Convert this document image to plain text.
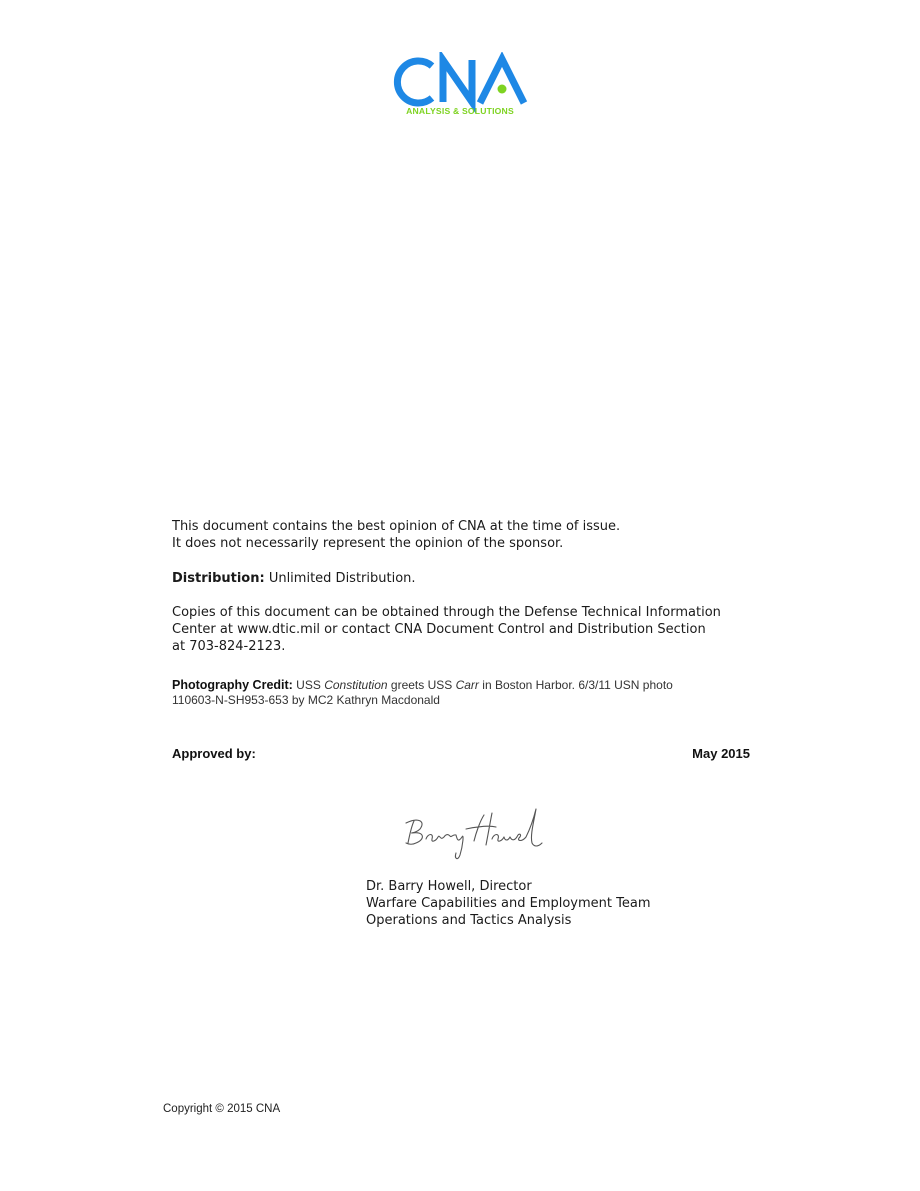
ANALYSIS & SOLUTIONS
This document contains the best opinion of CNA at the time of issue.
It does not necessarily represent the opinion of the sponsor.
Distribution: Unlimited Distribution.
Copies of this document can be obtained through the Defense Technical Information
Center at www.dtic.mil or contact CNA Document Control and Distribution Section
at 703-824-2123.
Photography Credit: USS Constitution greets USS Carr in Boston Harbor. 6/3/11 USN photo
110603-N-SH953-653 by MC2 Kathryn Macdonald
Approved by:	May 2015
Dr. Barry Howell, Director
Warfare Capabilities and Employment Team
Operations and Tactics Analysis
Copyright © 2015 CNA
